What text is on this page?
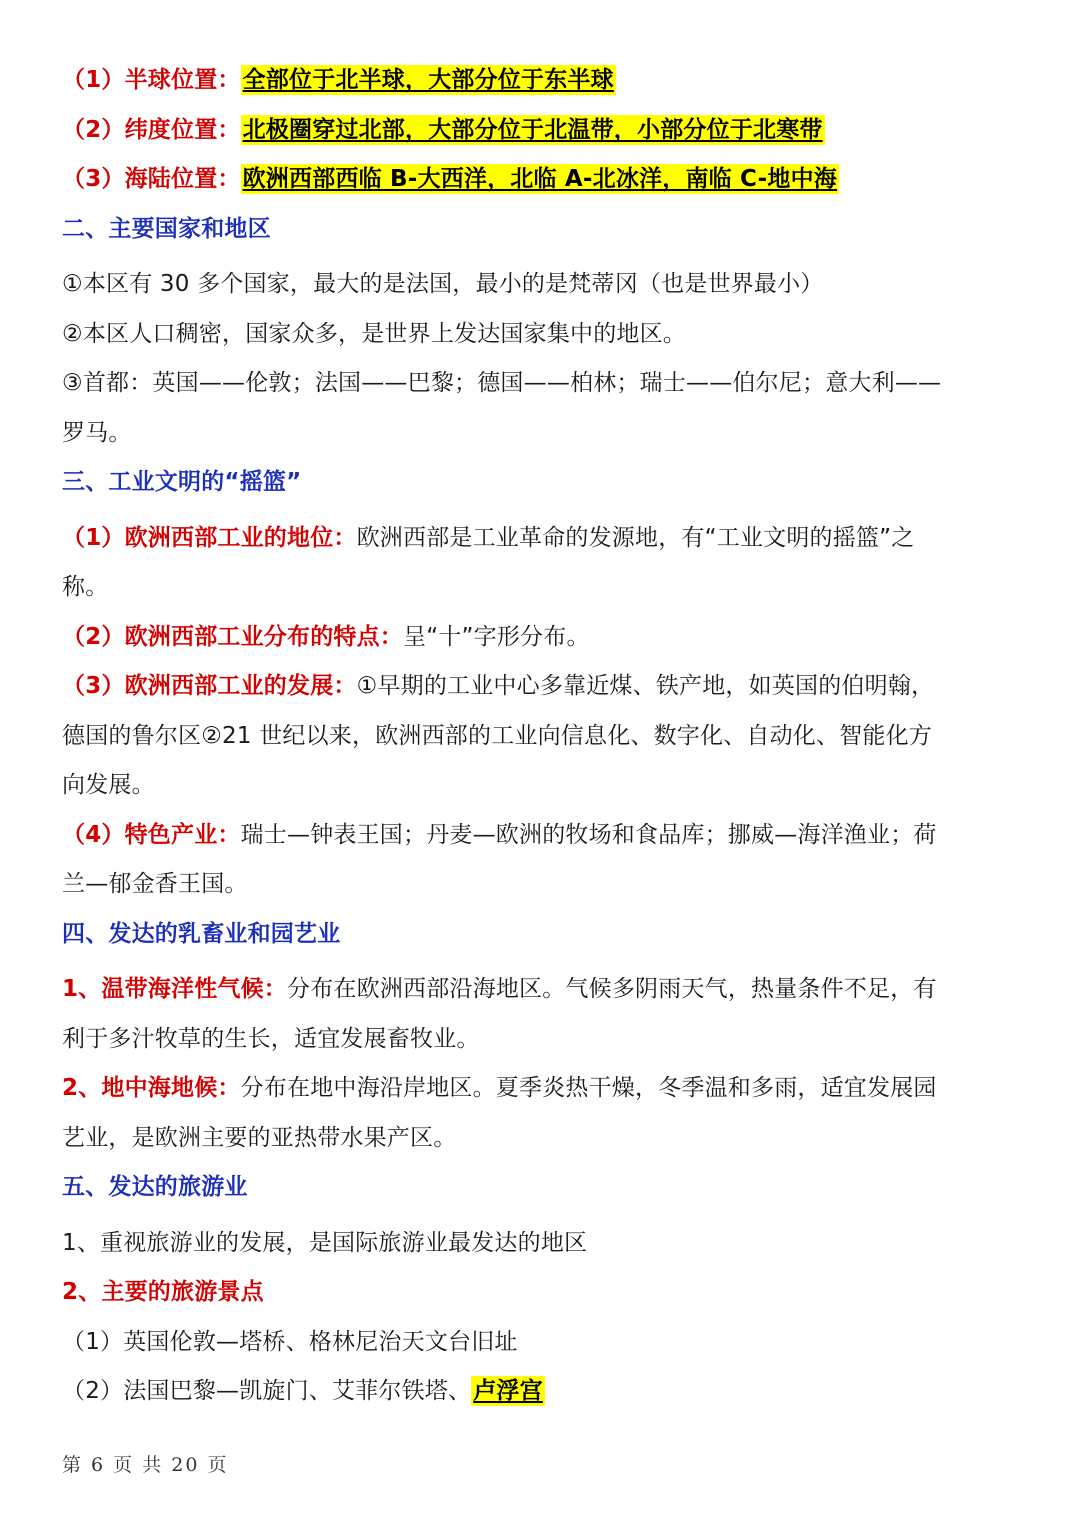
（1）半球位置：全部位于北半球，大部分位于东半球
（2）纬度位置：北极圈穿过北部，大部分位于北温带，小部分位于北寒带
（3）海陆位置：欧洲西部西临 B-大西洋，北临 A-北冰洋，南临 C-地中海
二、主要国家和地区
①本区有 30 多个国家，最大的是法国，最小的是梵蒂冈（也是世界最小）
②本区人口稠密，国家众多，是世界上发达国家集中的地区。
③首都：英国——伦敦；法国——巴黎；德国——柏林；瑞士——伯尔尼；意大利——
罗马。
三、工业文明的“摇篮”
（1）欧洲西部工业的地位：欧洲西部是工业革命的发源地，有“工业文明的摇篮”之
称。
（2）欧洲西部工业分布的特点：呈“十”字形分布。
（3）欧洲西部工业的发展：①早期的工业中心多靠近煤、铁产地，如英国的伯明翰，
德国的鲁尔区②21 世纪以来，欧洲西部的工业向信息化、数字化、自动化、智能化方
向发展。
（4）特色产业：瑞士—钟表王国；丹麦—欧洲的牧场和食品库；挪威—海洋渔业；荷
兰—郁金香王国。
四、发达的乳畜业和园艺业
1、温带海洋性气候：分布在欧洲西部沿海地区。气候多阴雨天气，热量条件不足，有
利于多汁牧草的生长，适宜发展畜牧业。
2、地中海地候：分布在地中海沿岸地区。夏季炎热干燥，冬季温和多雨，适宜发展园
艺业，是欧洲主要的亚热带水果产区。
五、发达的旅游业
1、重视旅游业的发展，是国际旅游业最发达的地区
2、主要的旅游景点
（1）英国伦敦—塔桥、格林尼治天文台旧址
（2）法国巴黎—凯旋门、艾菲尔铁塔、卢浮宫
第 6 页 共 20 页
